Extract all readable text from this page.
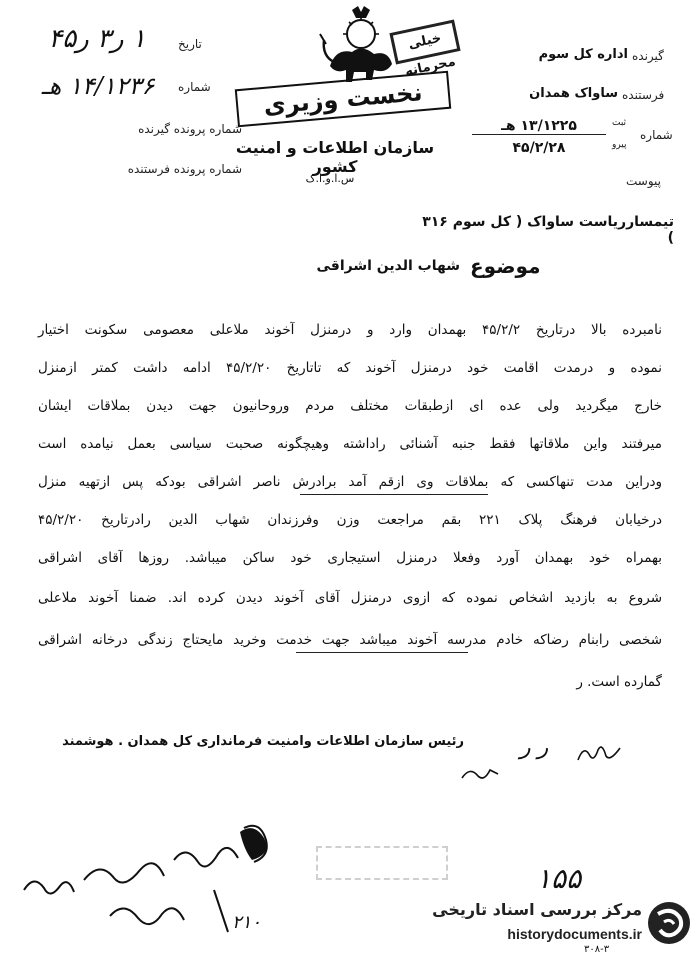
تاریخ
۱ ر۳ ر۴۵
شماره
۱۴/۱۲۳۶ هـ
شماره پرونده گیرنده
شماره پرونده فرستنده
خیلی محرمانه
نخست وزیری
سازمان اطلاعات و امنیت کشور
س.ا.و.ا.ک
گیرنده
اداره کل سوم
فرستنده
ساواک همدان
شماره
ثبت
پیرو
۱۳/۱۲۲۵ هـ
۴۵/۲/۲۸
پیوست
تیمسارریاست ساواک ( کل سوم ۳۱۶ )
موضوع
شهاب الدین اشراقی
نامبرده بالا درتاریخ ۴۵/۲/۲ بهمدان وارد و درمنزل آخوند ملاعلی معصومی سکونت اختیار
نموده و درمدت اقامت خود درمنزل آخوند که تاتاریخ ۴۵/۲/۲۰ ادامه داشت کمتر ازمنزل
خارج میگردید ولی عده ای ازطبقات مختلف مردم وروحانیون جهت دیدن بملاقات ایشان
میرفتند واین ملاقاتها فقط جنبه آشنائی راداشته وهیچگونه صحبت سیاسی بعمل نیامده است
ودراین مدت تنهاکسی که بملاقات وی ازقم آمد برادرش ناصر اشراقی بودکه پس ازتهیه منزل
درخیابان فرهنگ پلاک ۲۲۱ بقم مراجعت وزن وفرزندان شهاب الدین رادرتاریخ ۴۵/۲/۲۰
بهمراه خود بهمدان آورد وفعلا درمنزل استیجاری خود ساکن میباشد. روزها آقای اشراقی
شروع به بازدید اشخاص نموده که ازوی درمنزل آقای آخوند دیدن کرده اند. ضمنا آخوند ملاعلی
شخصی رابنام رضاکه خادم مدرسه آخوند میباشد جهت خدمت وخرید مایحتاج زندگی درخانه اشراقی
گمارده است. ر
رئیس سازمان اطلاعات وامنیت فرمانداری کل همدان . هوشمند	ر ر
۲۱۰
۱۵۵
۳۰۸-۳
مرکز بررسی اسناد تاریخی
historydocuments.ir
